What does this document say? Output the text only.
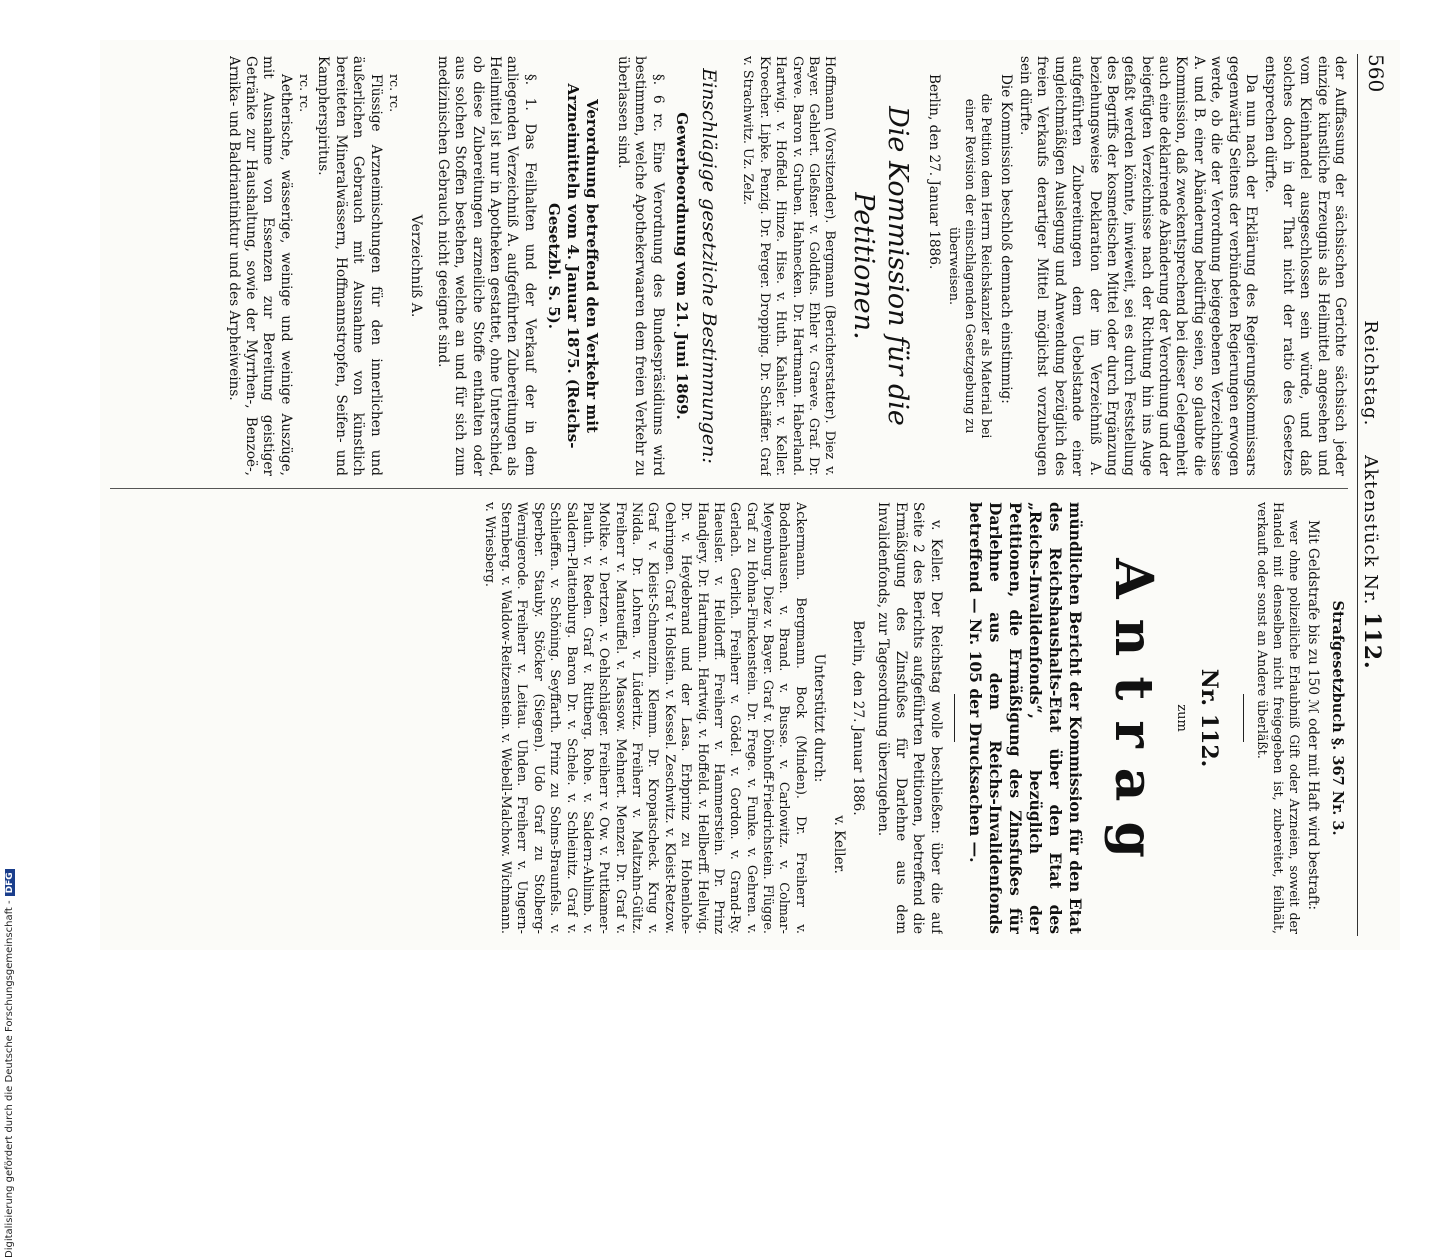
Digitalisierung gefördert durch die Deutsche Forschungsgemeinschaft -DFG
560
Reichstag. Aktenstück Nr. 112.

der Auffassung der sächsischen Gerichte sächsisch jeder einzige künstliche Erzeugnis als Heilmittel angesehen und vom Kleinhandel ausgeschlossen sein würde, und daß solches doch in der That nicht der ratio des Gesetzes entsprechen dürfte.

Da nun nach der Erklärung des Regierungskommissars gegenwärtig Seitens der verbündeten Regierungen erwogen werde, ob die der Verordnung beigegebenen Verzeichnisse A. und B. einer Abänderung bedürftig seien, so glaubte die Kommission, daß zweckentsprechend bei dieser Gelegenheit auch eine deklarirende Abänderung der Verordnung und der beigefügten Verzeichnisse nach der Richtung hin ins Auge gefaßt werden könnte, inwieweit, sei es durch Feststellung des Begriffs der kosmetischen Mittel oder durch Ergänzung beziehungsweise Deklaration der im Verzeichniß A. aufgeführten Zubereitungen dem Uebelstande einer ungleichmäßigen Auslegung und Anwendung bezüglich des freien Verkaufs derartiger Mittel möglichst vorzubeugen sein dürfte.

Die Kommission beschloß demnach einstimmig:

die Petition dem Herrn Reichskanzler als Material bei einer Revision der einschlagenden Gesetzgebung zu überweisen.

Berlin, den 27. Januar 1886.

Die Kommission für die Petitionen.

Hoffmann (Vorsitzender). Bergmann (Berichterstatter). Diez v. Bayer. Gehlert. Gleßner. v. Goldfus. Ehler v. Graeve. Graf. Dr. Greve. Baron v. Gruben. Hahnecken. Dr. Hartmann. Haberland. Hartwig. v. Hoffeld. Hinze. Hise. v. Huth. Kahsler. v. Keller. Kroecher. Lipke. Penzig. Dr. Perger. Dropping. Dr. Schäffer. Graf v. Strachwitz. Uz. Zelz.

Einschlägige gesetzliche Bestimmungen:
Gewerbeordnung vom 21. Juni 1869.

§. 6 rc. Eine Verordnung des Bundespräsidiums wird bestimmen, welche Apothekerwaaren dem freien Verkehr zu überlassen sind.

Verordnung betreffend den Verkehr mit Arzneimitteln vom 4. Januar 1875. (Reichs-Gesetzbl. S. 5).

§. 1. Das Feilhalten und der Verkauf der in dem anliegenden Verzeichniß A. aufgeführten Zubereitungen als Heilmittel ist nur in Apotheken gestattet, ohne Unterschied, ob diese Zubereitungen arzneiliche Stoffe enthalten oder aus solchen Stoffen bestehen, welche an und für sich zum medizinischen Gebrauch nicht geeignet sind.

Verzeichniß A.

rc. rc.

Flüssige Arzneimischungen für den innerlichen und äußerlichen Gebrauch mit Ausnahme von künstlich bereiteten Mineralwässern, Hoffmannstropfen, Seifen- und Kampherspiritus.

rc. rc.

Aetherische, wässerige, weinige und weinige Auszüge, mit Ausnahme von Essenzen zur Bereitung geistiger Getränke zur Haushaltung, sowie der Myrrhen-, Benzoë-, Arnika- und Baldriantinktur und des Arpheiweins.

Strafgesetzbuch §. 367 Nr. 3.

Mit Geldstrafe bis zu 150 ℳ oder mit Haft wird bestraft:

wer ohne polizeiliche Erlaubniß Gift oder Arzneien, soweit der Handel mit denselben nicht freigegeben ist, zubereitet, feilhält, verkauft oder sonst an Andere überläßt.

Nr. 112.
zum
Antrag

mündlichen Bericht der Kommission für den Etat des Reichshaushalts-Etat über den Etat des „Reichs-Invalidenfonds“, bezüglich der Petitionen, die Ermäßigung des Zinsfußes für Darlehne aus dem Reichs-Invalidenfonds betreffend — Nr. 105 der Drucksachen —.

v. Keller. Der Reichstag wolle beschließen: über die auf Seite 2 des Berichts aufgeführten Petitionen, betreffend die Ermäßigung des Zinsfußes für Darlehne aus dem Invalidenfonds, zur Tagesordnung überzugehen.

Berlin, den 27. Januar 1886.

v. Keller.

Unterstützt durch:

Ackermann. Bergmann. Bock (Minden). Dr. Freiherr v. Bodenhausen. v. Brand. v. Busse. v. Carlowitz. v. Colmar-Meyenburg. Diez v. Bayer. Graf v. Dönhoff-Friedrichstein. Flügge. Graf zu Hohna-Finckenstein. Dr. Frege. v. Funke. v. Gehren. v. Gerlach. Gerlich. Freiherr v. Gödel. v. Gordon. v. Grand-Ry. Haeusler. v. Helldorff. Freiherr v. Hammerstein. Dr. Prinz Handjery. Dr. Hartmann. Hartwig. v. Hoffeld. v. Hellberff. Hellwig. Dr. v. Heydebrand und der Lasa. Erbprinz zu Hohenlohe-Oehringen. Graf v. Holstein. v. Kessel. Zeschwitz. v. Kleist-Retzow. Graf v. Kleist-Schmenzin. Klemm. Dr. Kropatscheck. Krug v. Nidda. Dr. Lohren. v. Lüderitz. Freiherr v. Maltzahn-Gültz. Freiherr v. Manteuffel. v. Massow. Mehnert. Menzer. Dr. Graf v. Moltke. v. Dertzen. v. Oehlschläger. Freiherr v. Ow. v. Puttkamer-Plauth. v. Reden. Graf v. Rittberg. Rohe. v. Saldern-Ahlimb. v. Saldern-Plattenburg. Baron Dr. v. Schele. v. Schleinitz. Graf v. Schlieffen. v. Schöning. Seyffarth. Prinz zu Solms-Braunfels. v. Sperber. Stauby. Stöcker (Siegen). Udo Graf zu Stolberg-Wernigerode. Freiherr v. Leitau. Uhden. Freiherr v. Ungern-Sternberg. v. Waldow-Reitzenstein. v. Webell-Malchow. Wichmann. v. Wriesberg.
